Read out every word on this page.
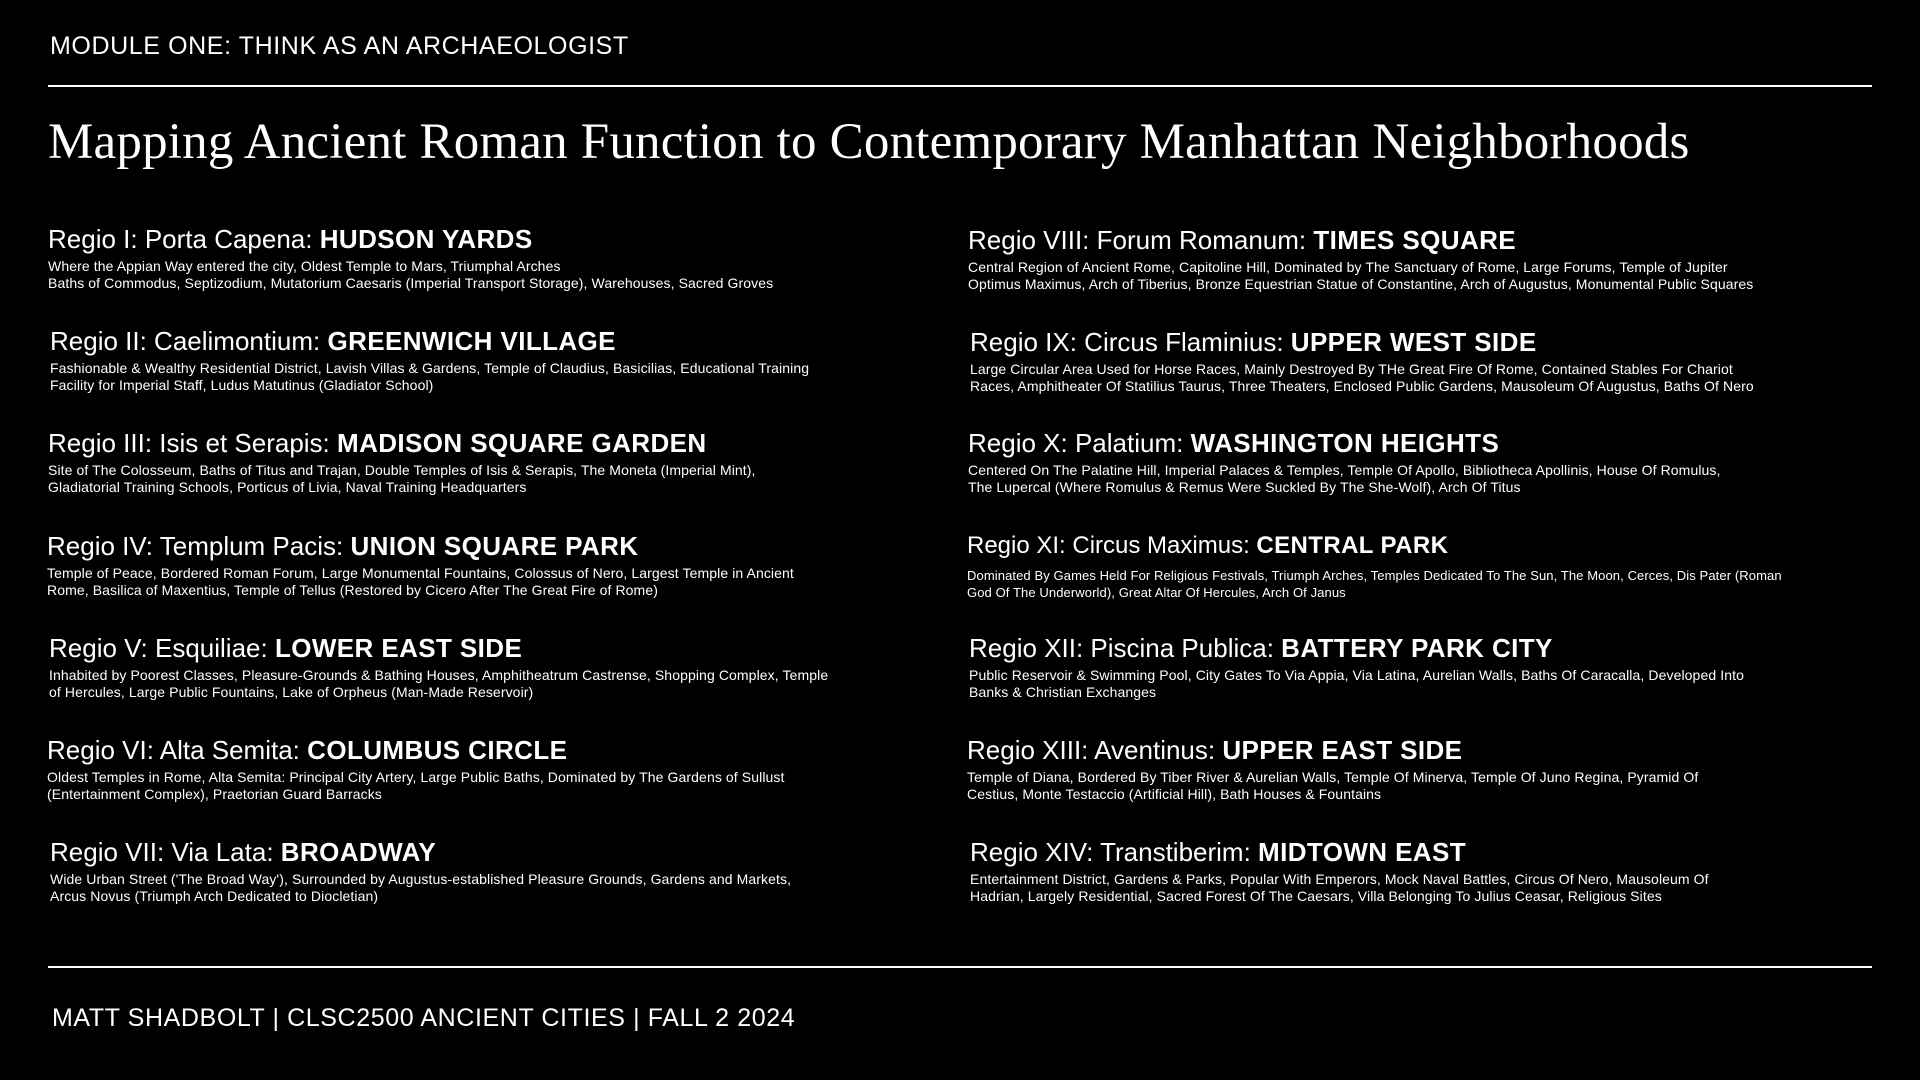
MODULE ONE: THINK AS AN ARCHAEOLOGIST
Mapping Ancient Roman Function to Contemporary Manhattan Neighborhoods
Regio I: Porta Capena: HUDSON YARDS
Where the Appian Way entered the city, Oldest Temple to Mars, Triumphal Arches
Baths of Commodus, Septizodium, Mutatorium Caesaris (Imperial Transport Storage), Warehouses, Sacred Groves
Regio II: Caelimontium: GREENWICH VILLAGE
Fashionable & Wealthy Residential District, Lavish Villas & Gardens, Temple of Claudius, Basicilias, Educational Training
Facility for Imperial Staff, Ludus Matutinus (Gladiator School)
Regio III: Isis et Serapis: MADISON SQUARE GARDEN
Site of The Colosseum, Baths of Titus and Trajan, Double Temples of Isis & Serapis, The Moneta (Imperial Mint),
Gladiatorial Training Schools, Porticus of Livia, Naval Training Headquarters
Regio IV: Templum Pacis: UNION SQUARE PARK
Temple of Peace, Bordered Roman Forum, Large Monumental Fountains, Colossus of Nero, Largest Temple in Ancient
Rome, Basilica of Maxentius, Temple of Tellus (Restored by Cicero After The Great Fire of Rome)
Regio V: Esquiliae: LOWER EAST SIDE
Inhabited by Poorest Classes, Pleasure-Grounds & Bathing Houses, Amphitheatrum Castrense, Shopping Complex, Temple
of Hercules, Large Public Fountains, Lake of Orpheus (Man-Made Reservoir)
Regio VI: Alta Semita: COLUMBUS CIRCLE
Oldest Temples in Rome, Alta Semita: Principal City Artery, Large Public Baths, Dominated by The Gardens of Sullust
(Entertainment Complex), Praetorian Guard Barracks
Regio VII: Via Lata: BROADWAY
Wide Urban Street ('The Broad Way'), Surrounded by Augustus-established Pleasure Grounds, Gardens and Markets,
Arcus Novus (Triumph Arch Dedicated to Diocletian)
Regio VIII: Forum Romanum: TIMES SQUARE
Central Region of Ancient Rome, Capitoline Hill, Dominated by The Sanctuary of Rome, Large Forums, Temple of Jupiter
Optimus Maximus, Arch of Tiberius, Bronze Equestrian Statue of Constantine, Arch of Augustus, Monumental Public Squares
Regio IX: Circus Flaminius: UPPER WEST SIDE
Large Circular Area Used for Horse Races, Mainly Destroyed By THe Great Fire Of Rome, Contained Stables For Chariot
Races, Amphitheater Of Statilius Taurus, Three Theaters, Enclosed Public Gardens, Mausoleum Of Augustus, Baths Of Nero
Regio X: Palatium: WASHINGTON HEIGHTS
Centered On The Palatine Hill, Imperial Palaces & Temples, Temple Of Apollo, Bibliotheca Apollinis, House Of Romulus,
The Lupercal (Where Romulus & Remus Were Suckled By The She-Wolf), Arch Of Titus
Regio XI: Circus Maximus: CENTRAL PARK
Dominated By Games Held For Religious Festivals, Triumph Arches, Temples Dedicated To The Sun, The Moon, Cerces, Dis Pater (Roman
God Of The Underworld), Great Altar Of Hercules, Arch Of Janus
Regio XII: Piscina Publica: BATTERY PARK CITY
Public Reservoir & Swimming Pool, City Gates To Via Appia, Via Latina, Aurelian Walls, Baths Of Caracalla, Developed Into
Banks & Christian Exchanges
Regio XIII: Aventinus: UPPER EAST SIDE
Temple of Diana, Bordered By Tiber River & Aurelian Walls, Temple Of Minerva, Temple Of Juno Regina, Pyramid Of
Cestius, Monte Testaccio (Artificial Hill), Bath Houses & Fountains
Regio XIV: Transtiberim: MIDTOWN EAST
Entertainment District, Gardens & Parks, Popular With Emperors, Mock Naval Battles, Circus Of Nero, Mausoleum Of
Hadrian, Largely Residential, Sacred Forest Of The Caesars, Villa Belonging To Julius Ceasar, Religious Sites
MATT SHADBOLT | CLSC2500 ANCIENT CITIES | FALL 2 2024
